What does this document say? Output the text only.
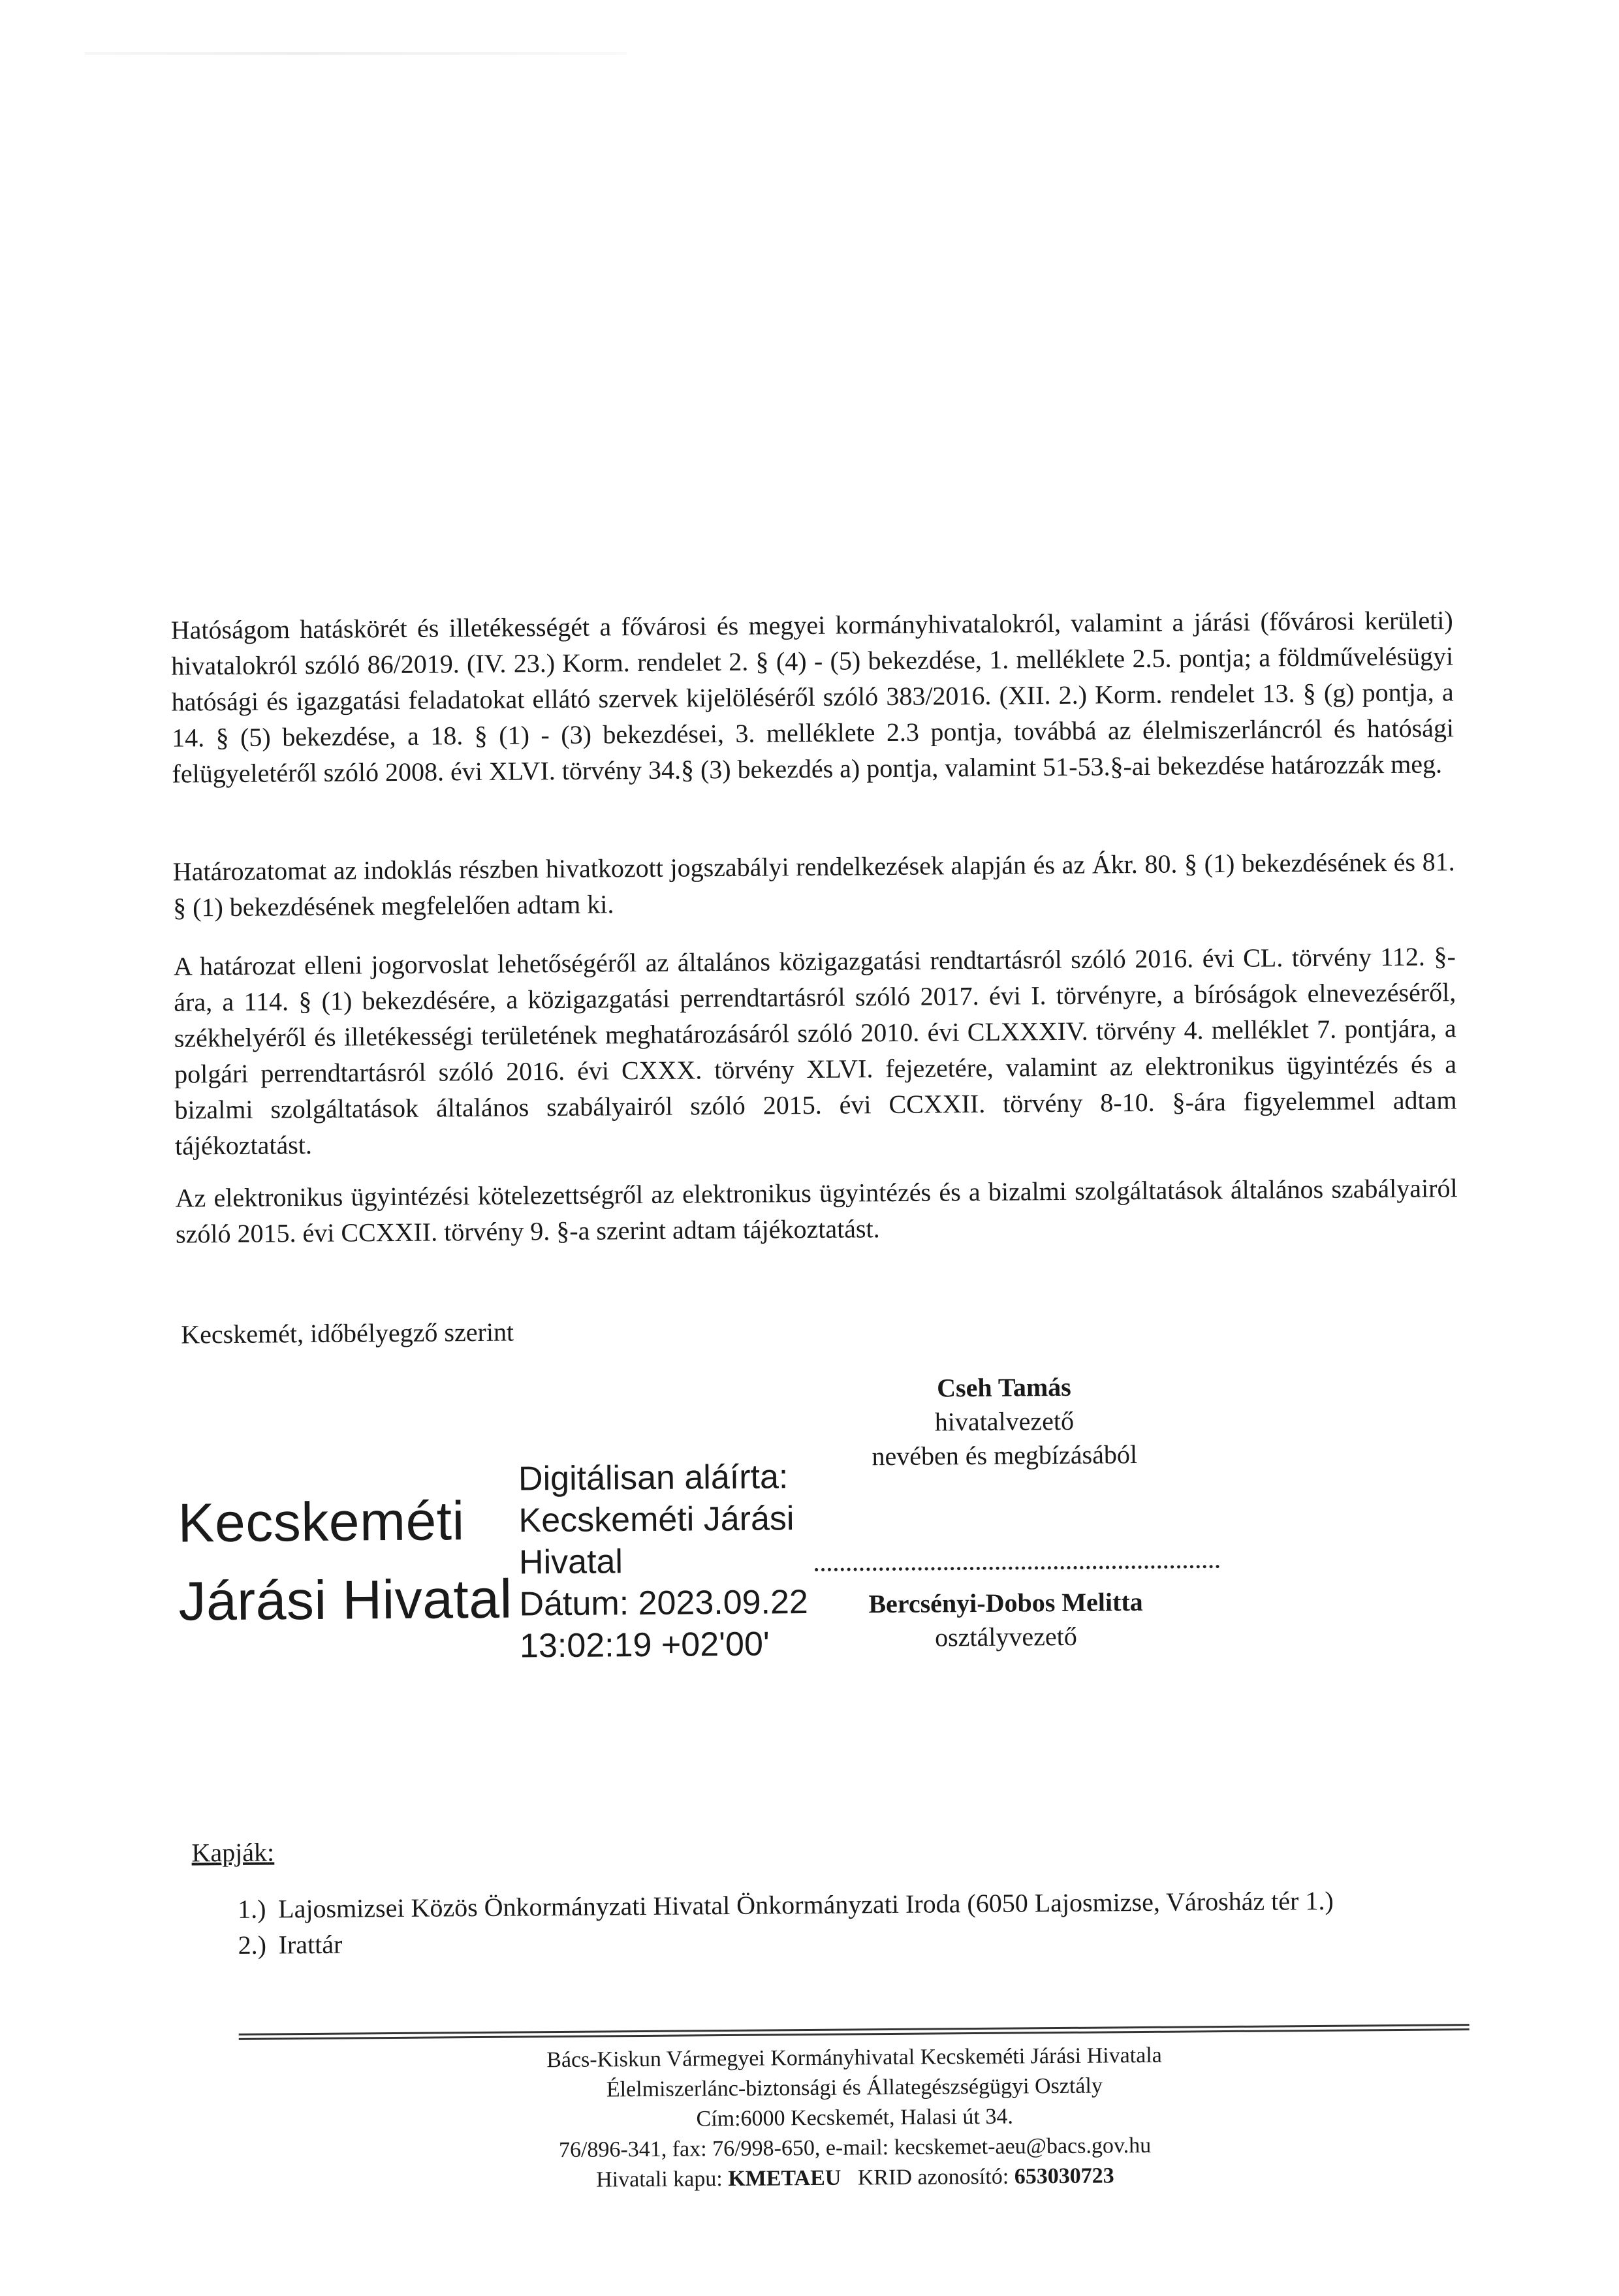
Hatóságom hatáskörét és illetékességét a fővárosi és megyei kormányhivatalokról, valamint a járási (fővárosi kerületi) hivatalokról szóló 86/2019. (IV. 23.) Korm. rendelet 2. § (4) - (5) bekezdése, 1. melléklete 2.5. pontja; a földművelésügyi hatósági és igazgatási feladatokat ellátó szervek kijelöléséről szóló 383/2016. (XII. 2.) Korm. rendelet 13. § (g) pontja, a 14. § (5) bekezdése, a 18. § (1) - (3) bekezdései, 3. melléklete 2.3 pontja, továbbá az élelmiszerláncról és hatósági felügyeletéről szóló 2008. évi XLVI. törvény 34.§ (3) bekezdés a) pontja, valamint 51-53.§-ai bekezdése határozzák meg.

Határozatomat az indoklás részben hivatkozott jogszabályi rendelkezések alapján és az Ákr. 80. § (1) bekezdésének és 81. § (1) bekezdésének megfelelően adtam ki.

A határozat elleni jogorvoslat lehetőségéről az általános közigazgatási rendtartásról szóló 2016. évi CL. törvény 112. §-ára, a 114. § (1) bekezdésére, a közigazgatási perrendtartásról szóló 2017. évi I. törvényre, a bíróságok elnevezéséről, székhelyéről és illetékességi területének meghatározásáról szóló 2010. évi CLXXXIV. törvény 4. melléklet 7. pontjára, a polgári perrendtartásról szóló 2016. évi CXXX. törvény XLVI. fejezetére, valamint az elektronikus ügyintézés és a bizalmi szolgáltatások általános szabályairól szóló 2015. évi CCXXII. törvény 8-10. §-ára figyelemmel adtam tájékoztatást.

Az elektronikus ügyintézési kötelezettségről az elektronikus ügyintézés és a bizalmi szolgáltatások általános szabályairól szóló 2015. évi CCXXII. törvény 9. §-a szerint adtam tájékoztatást.

Kecskemét, időbélyegző szerint
Cseh Tamás
hivatalvezető
nevében és megbízásából
Kecskeméti
Járási Hivatal
Digitálisan aláírta:
Kecskeméti Járási
Hivatal
Dátum: 2023.09.22
13:02:19 +02'00'
Bercsényi-Dobos Melitta
osztályvezető
Kapják:
1.) Lajosmizsei Közös Önkormányzati Hivatal Önkormányzati Iroda (6050 Lajosmizse, Városház tér 1.)
2.) Irattár
Bács-Kiskun Vármegyei Kormányhivatal Kecskeméti Járási Hivatala
Élelmiszerlánc-biztonsági és Állategészségügyi Osztály
Cím:6000 Kecskemét, Halasi út 34.
76/896-341, fax: 76/998-650, e-mail: kecskemet-aeu@bacs.gov.hu
Hivatali kapu: KMETAEU KRID azonosító: 653030723
